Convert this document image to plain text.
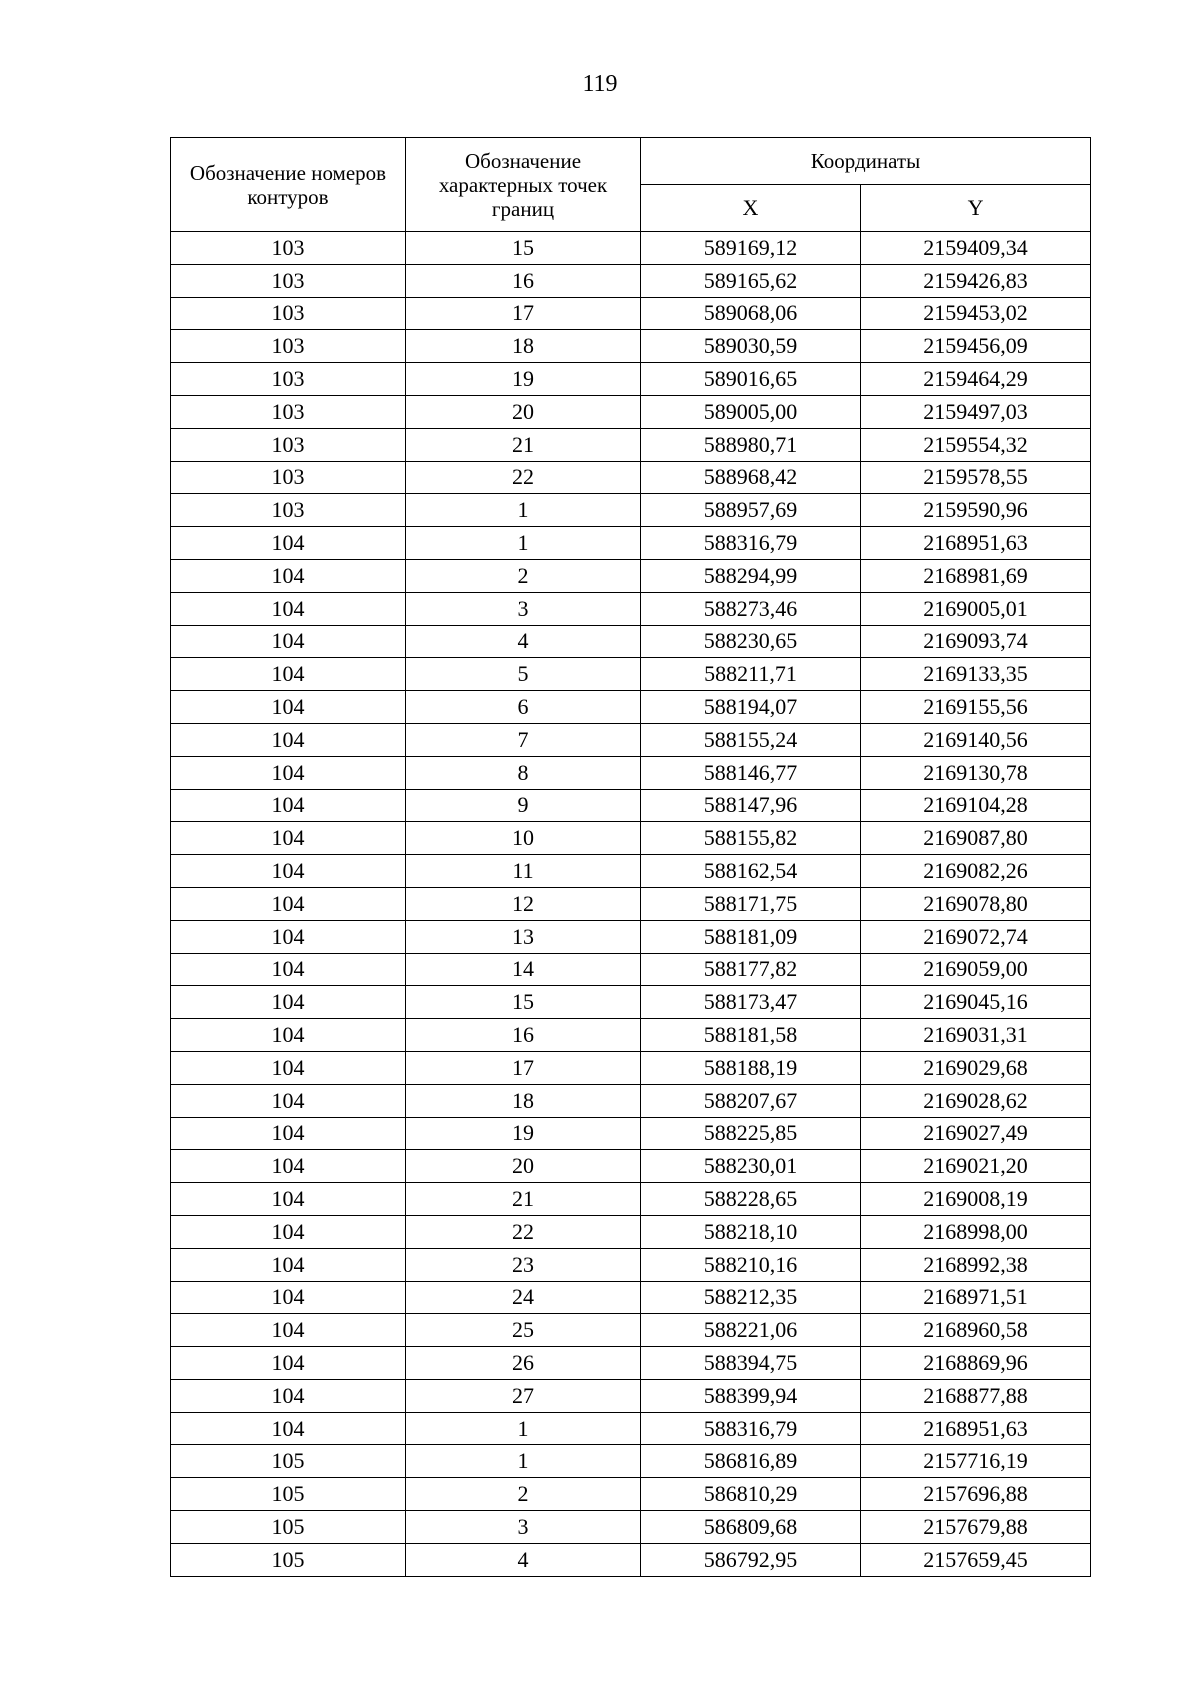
119
Обозначение номеров контуров	Обозначение характерных точек границ	Координаты	
		X	Y
103	15	589169,12	2159409,34
103	16	589165,62	2159426,83
103	17	589068,06	2159453,02
103	18	589030,59	2159456,09
103	19	589016,65	2159464,29
103	20	589005,00	2159497,03
103	21	588980,71	2159554,32
103	22	588968,42	2159578,55
103	1	588957,69	2159590,96
104	1	588316,79	2168951,63
104	2	588294,99	2168981,69
104	3	588273,46	2169005,01
104	4	588230,65	2169093,74
104	5	588211,71	2169133,35
104	6	588194,07	2169155,56
104	7	588155,24	2169140,56
104	8	588146,77	2169130,78
104	9	588147,96	2169104,28
104	10	588155,82	2169087,80
104	11	588162,54	2169082,26
104	12	588171,75	2169078,80
104	13	588181,09	2169072,74
104	14	588177,82	2169059,00
104	15	588173,47	2169045,16
104	16	588181,58	2169031,31
104	17	588188,19	2169029,68
104	18	588207,67	2169028,62
104	19	588225,85	2169027,49
104	20	588230,01	2169021,20
104	21	588228,65	2169008,19
104	22	588218,10	2168998,00
104	23	588210,16	2168992,38
104	24	588212,35	2168971,51
104	25	588221,06	2168960,58
104	26	588394,75	2168869,96
104	27	588399,94	2168877,88
104	1	588316,79	2168951,63
105	1	586816,89	2157716,19
105	2	586810,29	2157696,88
105	3	586809,68	2157679,88
105	4	586792,95	2157659,45
